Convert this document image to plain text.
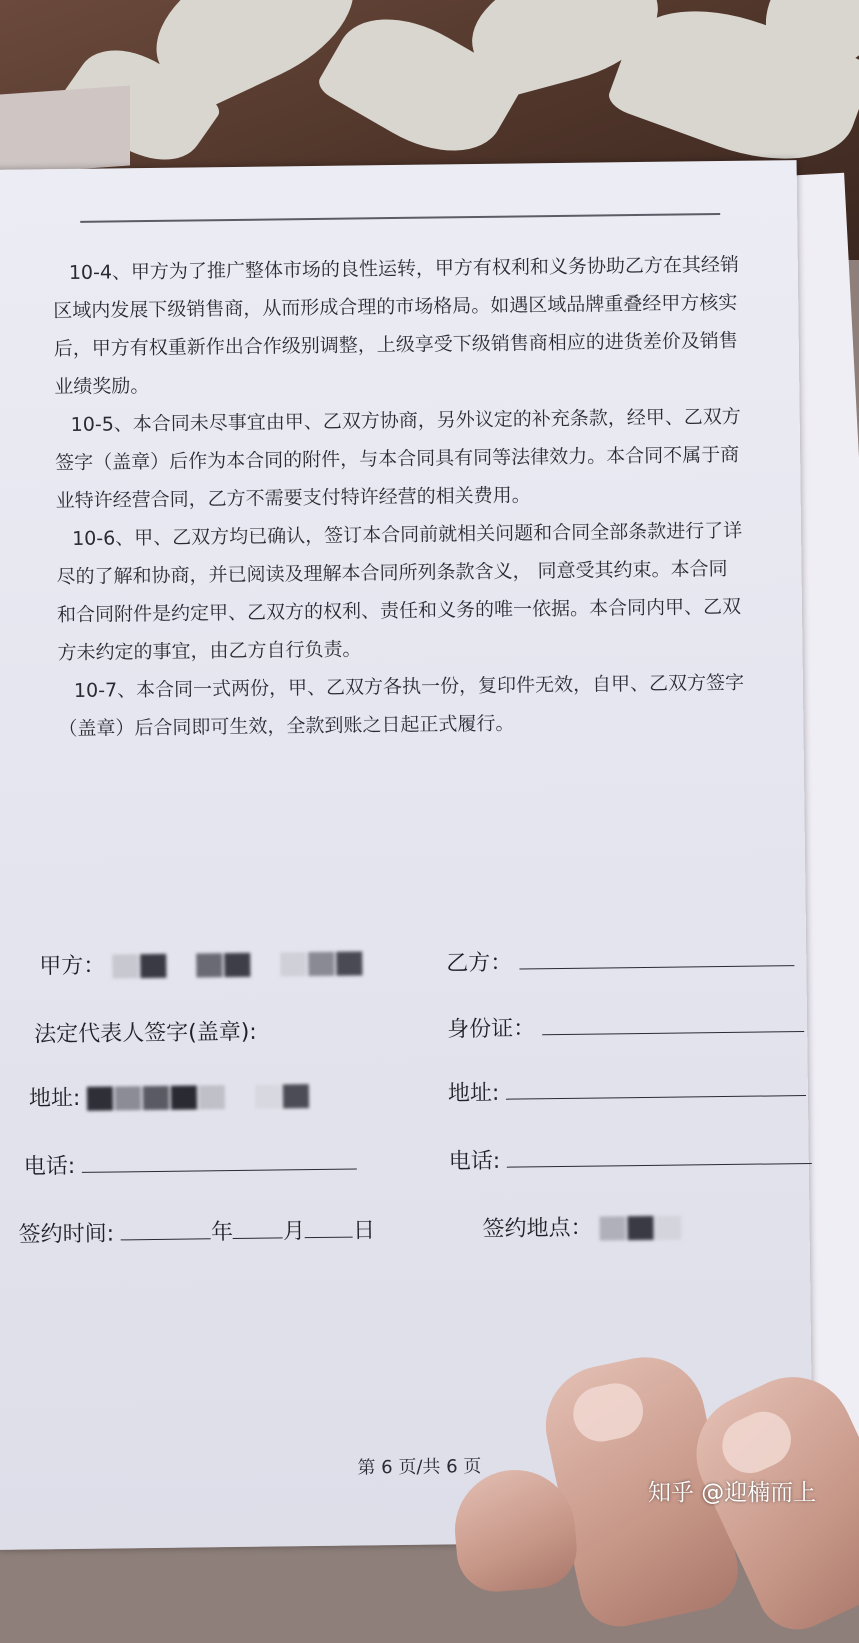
10-4、甲方为了推广整体市场的良性运转，甲方有权利和义务协助乙方在其经销区域内发展下级销售商，从而形成合理的市场格局。如遇区域品牌重叠经甲方核实后，甲方有权重新作出合作级别调整，上级享受下级销售商相应的进货差价及销售业绩奖励。

10-5、本合同未尽事宜由甲、乙双方协商，另外议定的补充条款，经甲、乙双方签字（盖章）后作为本合同的附件，与本合同具有同等法律效力。本合同不属于商业特许经营合同，乙方不需要支付特许经营的相关费用。

10-6、甲、乙双方均已确认，签订本合同前就相关问题和合同全部条款进行了详尽的了解和协商，并已阅读及理解本合同所列条款含义， 同意受其约束。本合同和合同附件是约定甲、乙双方的权利、责任和义务的唯一依据。本合同内甲、乙双方未约定的事宜，由乙方自行负责。

10-7、本合同一式两份，甲、乙双方各执一份，复印件无效，自甲、乙双方签字（盖章）后合同即可生效，全款到账之日起正式履行。

甲方：	乙方：
法定代表人签字(盖章):	身份证：
地址:	地址:
电话:	电话:
签约时间:	年 月 日	签约地点：
第 6 页/共 6 页
知乎 @迎楠而上
